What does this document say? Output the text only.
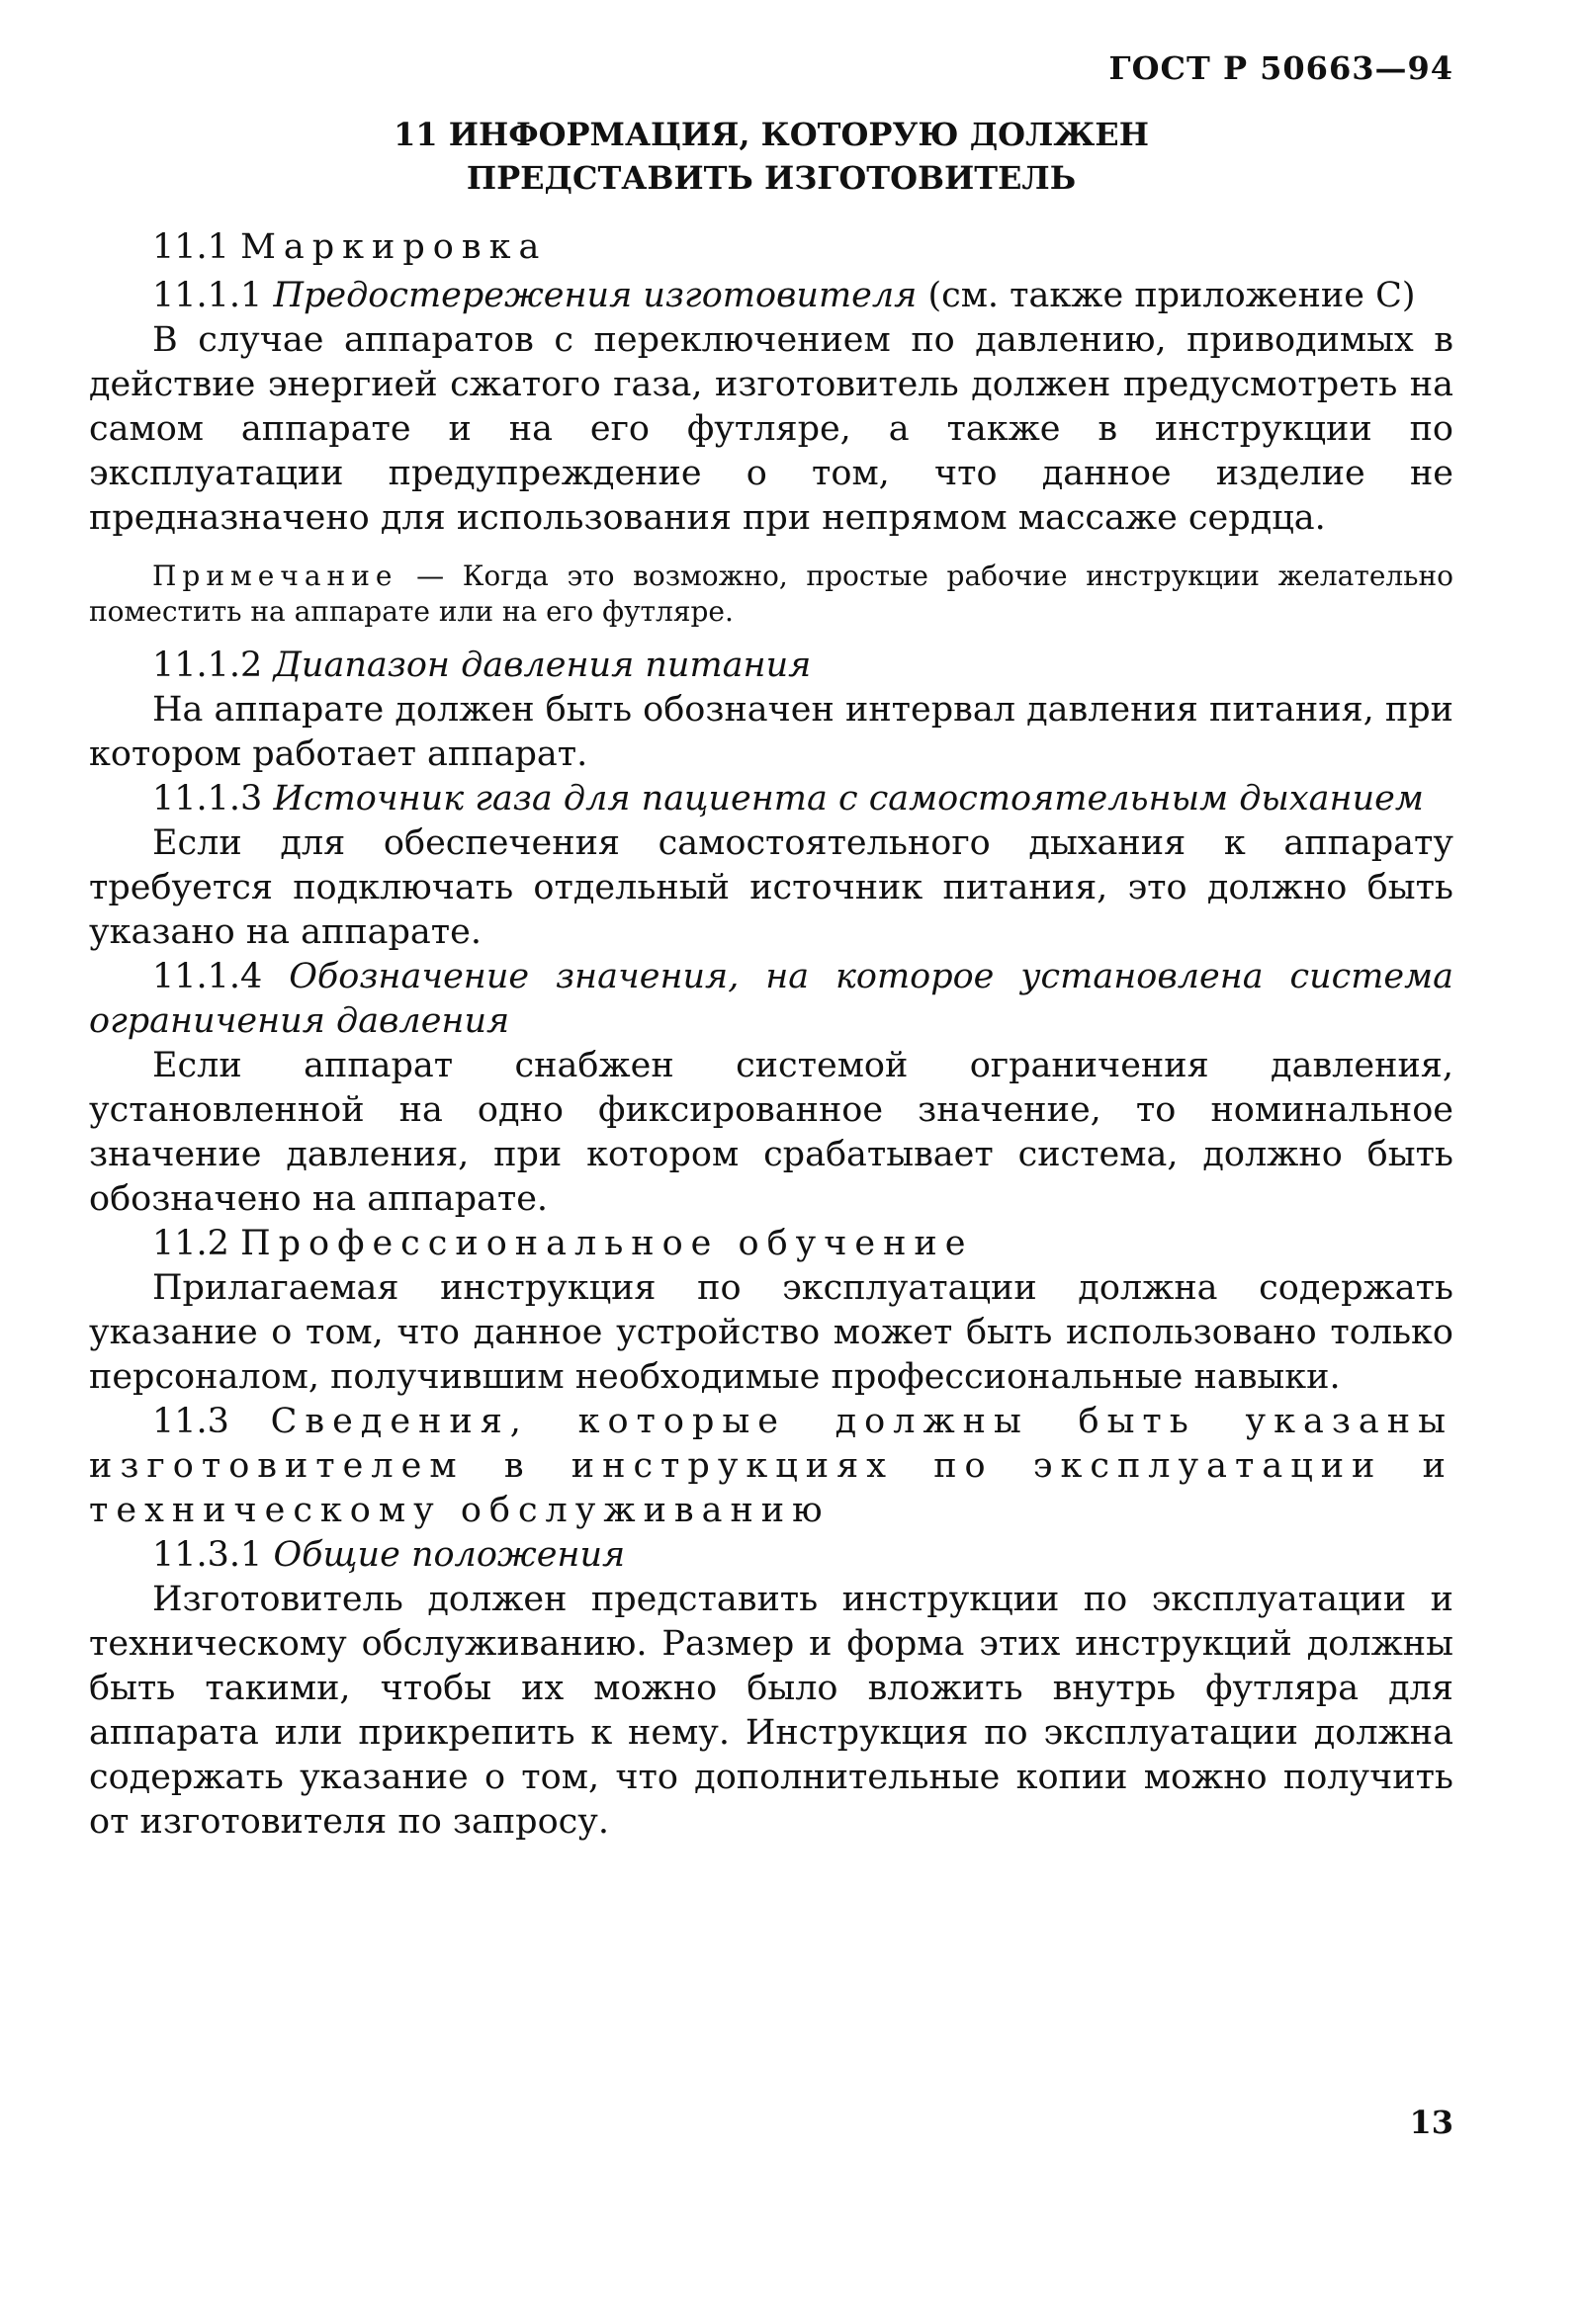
ГОСТ Р 50663—94
11 ИНФОРМАЦИЯ, КОТОРУЮ ДОЛЖЕН
ПРЕДСТАВИТЬ ИЗГОТОВИТЕЛЬ

11.1 Маркировка

11.1.1 Предостережения изготовителя (см. также приложение С)

В случае аппаратов с переключением по давлению, приводимых в действие энергией сжатого газа, изготовитель должен предусмотреть на самом аппарате и на его футляре, а также в инструкции по эксплуатации предупреждение о том, что данное изделие не предназначено для использования при непрямом массаже сердца.

Примечание — Когда это возможно, простые рабочие инструкции желательно поместить на аппарате или на его футляре.

11.1.2 Диапазон давления питания

На аппарате должен быть обозначен интервал давления питания, при котором работает аппарат.

11.1.3 Источник газа для пациента с самостоятельным дыханием

Если для обеспечения самостоятельного дыхания к аппарату требуется подключать отдельный источник питания, это должно быть указано на аппарате.

11.1.4 Обозначение значения, на которое установлена система ограничения давления

Если аппарат снабжен системой ограничения давления, установленной на одно фиксированное значение, то номинальное значение давления, при котором срабатывает система, должно быть обозначено на аппарате.

11.2 Профессиональное обучение

Прилагаемая инструкция по эксплуатации должна содержать указание о том, что данное устройство может быть использовано только персоналом, получившим необходимые профессиональные навыки.

11.3 Сведения, которые должны быть указаны изготовителем в инструкциях по эксплуатации и техническому обслуживанию

11.3.1 Общие положения

Изготовитель должен представить инструкции по эксплуатации и техническому обслуживанию. Размер и форма этих инструкций должны быть такими, чтобы их можно было вложить внутрь футляра для аппарата или прикрепить к нему. Инструкция по эксплуатации должна содержать указание о том, что дополнительные копии можно получить от изготовителя по запросу.

13
